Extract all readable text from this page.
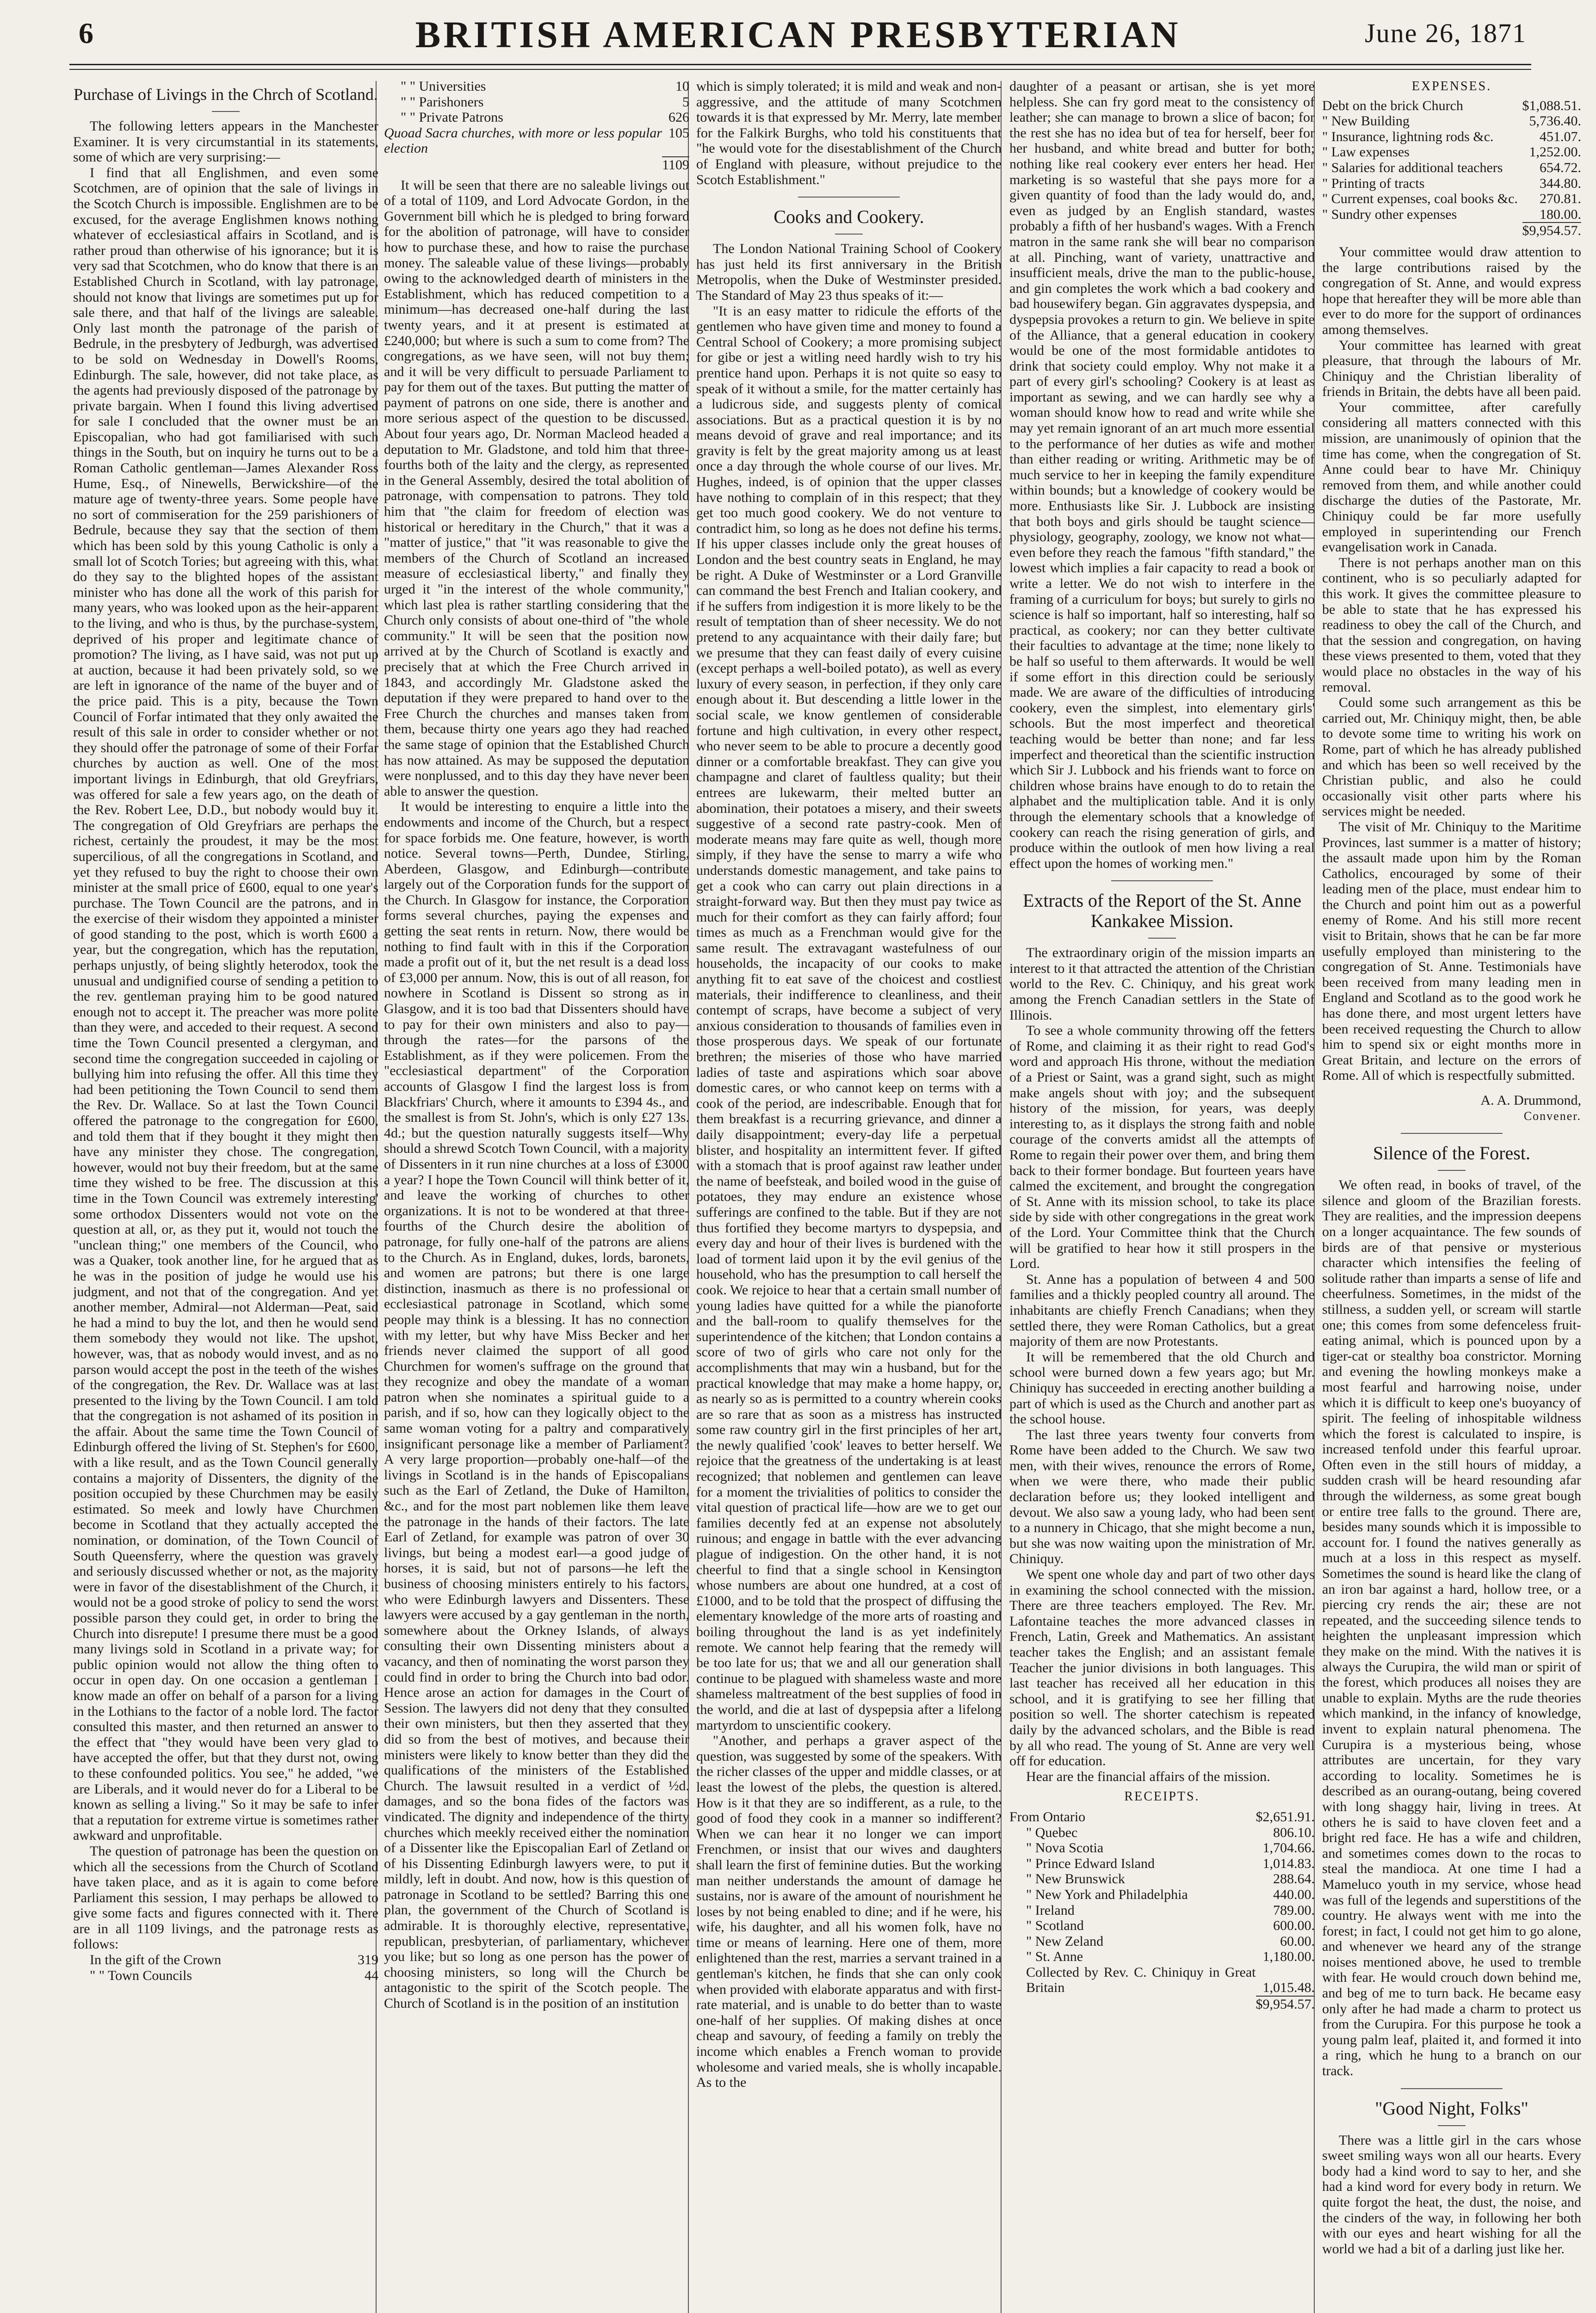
6	BRITISH AMERICAN PRESBYTERIAN	June 26, 1871
Purchase of Livings in the Chrch of Scotland.

The following letters appears in the Manchester Examiner. It is very circumstantial in its statements, some of which are very surprising:—

I find that all Englishmen, and even some Scotchmen, are of opinion that the sale of livings in the Scotch Church is impossible. Englishmen are to be excused, for the average Englishmen knows nothing whatever of ecclesiastical affairs in Scotland, and is rather proud than otherwise of his ignorance; but it is very sad that Scotchmen, who do know that there is an Established Church in Scotland, with lay patronage, should not know that livings are sometimes put up for sale there, and that half of the livings are saleable. Only last month the patronage of the parish of Bedrule, in the presbytery of Jedburgh, was advertised to be sold on Wednesday in Dowell's Rooms, Edinburgh. The sale, however, did not take place, as the agents had previously disposed of the patronage by private bargain. When I found this living advertised for sale I concluded that the owner must be an Episcopalian, who had got familiarised with such things in the South, but on inquiry he turns out to be a Roman Catholic gentleman—James Alexander Ross Hume, Esq., of Ninewells, Berwickshire—of the mature age of twenty-three years. Some people have no sort of commiseration for the 259 parishioners of Bedrule, because they say that the section of them which has been sold by this young Catholic is only a small lot of Scotch Tories; but agreeing with this, what do they say to the blighted hopes of the assistant minister who has done all the work of this parish for many years, who was looked upon as the heir-apparent to the living, and who is thus, by the purchase-system, deprived of his proper and legitimate chance of promotion? The living, as I have said, was not put up at auction, because it had been privately sold, so we are left in ignorance of the name of the buyer and of the price paid. This is a pity, because the Town Council of Forfar intimated that they only awaited the result of this sale in order to consider whether or not they should offer the patronage of some of their Forfar churches by auction as well. One of the most important livings in Edinburgh, that old Greyfriars, was offered for sale a few years ago, on the death of the Rev. Robert Lee, D.D., but nobody would buy it. The congregation of Old Greyfriars are perhaps the richest, certainly the proudest, it may be the most supercilious, of all the congregations in Scotland, and yet they refused to buy the right to choose their own minister at the small price of £600, equal to one year's purchase. The Town Council are the patrons, and in the exercise of their wisdom they appointed a minister of good standing to the post, which is worth £600 a year, but the congregation, which has the reputation, perhaps unjustly, of being slightly heterodox, took the unusual and undignified course of sending a petition to the rev. gentleman praying him to be good natured enough not to accept it. The preacher was more polite than they were, and acceded to their request. A second time the Town Council presented a clergyman, and second time the congregation succeeded in cajoling or bullying him into refusing the offer. All this time they had been petitioning the Town Council to send them the Rev. Dr. Wallace. So at last the Town Council offered the patronage to the congregation for £600, and told them that if they bought it they might then have any minister they chose. The congregation, however, would not buy their freedom, but at the same time they wished to be free. The discussion at this time in the Town Council was extremely interesting' some orthodox Dissenters would not vote on the question at all, or, as they put it, would not touch the "unclean thing;" one members of the Council, who was a Quaker, took another line, for he argued that as he was in the position of judge he would use his judgment, and not that of the congregation. And yet another member, Admiral—not Alderman—Peat, said he had a mind to buy the lot, and then he would send them somebody they would not like. The upshot, however, was, that as nobody would invest, and as no parson would accept the post in the teeth of the wishes of the congregation, the Rev. Dr. Wallace was at last presented to the living by the Town Council. I am told that the congregation is not ashamed of its position in the affair. About the same time the Town Council of Edinburgh offered the living of St. Stephen's for £600, with a like result, and as the Town Council generally contains a majority of Dissenters, the dignity of the position occupied by these Churchmen may be easily estimated. So meek and lowly have Churchmen become in Scotland that they actually accepted the nomination, or domination, of the Town Council of South Queensferry, where the question was gravely and seriously discussed whether or not, as the majority were in favor of the disestablishment of the Church, it would not be a good stroke of policy to send the worst possible parson they could get, in order to bring the Church into disrepute! I presume there must be a good many livings sold in Scotland in a private way; for public opinion would not allow the thing often to occur in open day. On one occasion a gentleman I know made an offer on behalf of a parson for a living in the Lothians to the factor of a noble lord. The factor consulted this master, and then returned an answer to the effect that "they would have been very glad to have accepted the offer, but that they durst not, owing to these confounded politics. You see," he added, "we are Liberals, and it would never do for a Liberal to be known as selling a living." So it may be safe to infer that a reputation for extreme virtue is sometimes rather awkward and unprofitable.

The question of patronage has been the question on which all the secessions from the Church of Scotland have taken place, and as it is again to come before Parliament this session, I may perhaps be allowed to give some facts and figures connected with it. There are in all 1109 livings, and the patronage rests as follows:

In the gift of the Crown	319
" " Town Councils	44
" " Universities	10
" " Parishoners	5
" " Private Patrons	626
Quoad Sacra churches, with more or less popular election	105
	1109

It will be seen that there are no saleable livings out of a total of 1109, and Lord Advocate Gordon, in the Government bill which he is pledged to bring forward for the abolition of patronage, will have to consider how to purchase these, and how to raise the purchase money. The saleable value of these livings—probably owing to the acknowledged dearth of ministers in the Establishment, which has reduced competition to a minimum—has decreased one-half during the last twenty years, and it at present is estimated at £240,000; but where is such a sum to come from? The congregations, as we have seen, will not buy them; and it will be very difficult to persuade Parliament to pay for them out of the taxes. But putting the matter of payment of patrons on one side, there is another and more serious aspect of the question to be discussed. About four years ago, Dr. Norman Macleod headed a deputation to Mr. Gladstone, and told him that three-fourths both of the laity and the clergy, as represented in the General Assembly, desired the total abolition of patronage, with compensation to patrons. They told him that "the claim for freedom of election was historical or hereditary in the Church," that it was a "matter of justice," that "it was reasonable to give the members of the Church of Scotland an increased measure of ecclesiastical liberty," and finally they urged it "in the interest of the whole community," which last plea is rather startling considering that the Church only consists of about one-third of "the whole community." It will be seen that the position now arrived at by the Church of Scotland is exactly and precisely that at which the Free Church arrived in 1843, and accordingly Mr. Gladstone asked the deputation if they were prepared to hand over to the Free Church the churches and manses taken from them, because thirty one years ago they had reached the same stage of opinion that the Established Church has now attained. As may be supposed the deputation were nonplussed, and to this day they have never been able to answer the question.

It would be interesting to enquire a little into the endowments and income of the Church, but a respect for space forbids me. One feature, however, is worth notice. Several towns—Perth, Dundee, Stirling, Aberdeen, Glasgow, and Edinburgh—contribute largely out of the Corporation funds for the support of the Church. In Glasgow for instance, the Corporation forms several churches, paying the expenses and getting the seat rents in return. Now, there would be nothing to find fault with in this if the Corporation made a profit out of it, but the net result is a dead loss of £3,000 per annum. Now, this is out of all reason, for nowhere in Scotland is Dissent so strong as in Glasgow, and it is too bad that Dissenters should have to pay for their own ministers and also to pay—through the rates—for the parsons of the Establishment, as if they were policemen. From the "ecclesiastical department" of the Corporation accounts of Glasgow I find the largest loss is from Blackfriars' Church, where it amounts to £394 4s., and the smallest is from St. John's, which is only £27 13s. 4d.; but the question naturally suggests itself—Why should a shrewd Scotch Town Council, with a majority of Dissenters in it run nine churches at a loss of £3000 a year? I hope the Town Council will think better of it, and leave the working of churches to other organizations. It is not to be wondered at that three-fourths of the Church desire the abolition of patronage, for fully one-half of the patrons are aliens to the Church. As in England, dukes, lords, baronets, and women are patrons; but there is one large distinction, inasmuch as there is no professional or ecclesiastical patronage in Scotland, which some people may think is a blessing. It has no connection with my letter, but why have Miss Becker and her friends never claimed the support of all good Churchmen for women's suffrage on the ground that they recognize and obey the mandate of a woman patron when she nominates a spiritual guide to a parish, and if so, how can they logically object to the same woman voting for a paltry and comparatively insignificant personage like a member of Parliament? A very large proportion—probably one-half—of the livings in Scotland is in the hands of Episcopalians such as the Earl of Zetland, the Duke of Hamilton, &c., and for the most part noblemen like them leave the patronage in the hands of their factors. The late Earl of Zetland, for example was patron of over 30 livings, but being a modest earl—a good judge of horses, it is said, but not of parsons—he left the business of choosing ministers entirely to his factors, who were Edinburgh lawyers and Dissenters. These lawyers were accused by a gay gentleman in the north, somewhere about the Orkney Islands, of always consulting their own Dissenting ministers about a vacancy, and then of nominating the worst parson they could find in order to bring the Church into bad odor. Hence arose an action for damages in the Court of Session. The lawyers did not deny that they consulted their own ministers, but then they asserted that they did so from the best of motives, and because their ministers were likely to know better than they did the qualifications of the ministers of the Established Church. The lawsuit resulted in a verdict of ½d. damages, and so the bona fides of the factors was vindicated. The dignity and independence of the thirty churches which meekly received either the nomination of a Dissenter like the Episcopalian Earl of Zetland or of his Dissenting Edinburgh lawyers were, to put it mildly, left in doubt. And now, how is this question of patronage in Scotland to be settled? Barring this one plan, the government of the Church of Scotland is admirable. It is thoroughly elective, representative, republican, presbyterian, of parliamentary, whichever you like; but so long as one person has the power of choosing ministers, so long will the Church be antagonistic to the spirit of the Scotch people. The Church of Scotland is in the position of an institution

which is simply tolerated; it is mild and weak and non-aggressive, and the attitude of many Scotchmen towards it is that expressed by Mr. Merry, late member for the Falkirk Burghs, who told his constituents that "he would vote for the disestablishment of the Church of England with pleasure, without prejudice to the Scotch Establishment."

Cooks and Cookery.

The London National Training School of Cookery has just held its first anniversary in the British Metropolis, when the Duke of Westminster presided. The Standard of May 23 thus speaks of it:—

"It is an easy matter to ridicule the efforts of the gentlemen who have given time and money to found a Central School of Cookery; a more promising subject for gibe or jest a witling need hardly wish to try his prentice hand upon. Perhaps it is not quite so easy to speak of it without a smile, for the matter certainly has a ludicrous side, and suggests plenty of comical associations. But as a practical question it is by no means devoid of grave and real importance; and its gravity is felt by the great majority among us at least once a day through the whole course of our lives. Mr. Hughes, indeed, is of opinion that the upper classes have nothing to complain of in this respect; that they get too much good cookery. We do not venture to contradict him, so long as he does not define his terms. If his upper classes include only the great houses of London and the best country seats in England, he may be right. A Duke of Westminster or a Lord Granville can command the best French and Italian cookery, and if he suffers from indigestion it is more likely to be the result of temptation than of sheer necessity. We do not pretend to any acquaintance with their daily fare; but we presume that they can feast daily of every cuisine (except perhaps a well-boiled potato), as well as every luxury of every season, in perfection, if they only care enough about it. But descending a little lower in the social scale, we know gentlemen of considerable fortune and high cultivation, in every other respect, who never seem to be able to procure a decently good dinner or a comfortable breakfast. They can give you champagne and claret of faultless quality; but their entrees are lukewarm, their melted butter an abomination, their potatoes a misery, and their sweets suggestive of a second rate pastry-cook. Men of moderate means may fare quite as well, though more simply, if they have the sense to marry a wife who understands domestic management, and take pains to get a cook who can carry out plain directions in a straight-forward way. But then they must pay twice as much for their comfort as they can fairly afford; four times as much as a Frenchman would give for the same result. The extravagant wastefulness of our households, the incapacity of our cooks to make anything fit to eat save of the choicest and costliest materials, their indifference to cleanliness, and their contempt of scraps, have become a subject of very anxious consideration to thousands of families even in those prosperous days. We speak of our fortunate brethren; the miseries of those who have married ladies of taste and aspirations which soar above domestic cares, or who cannot keep on terms with a cook of the period, are indescribable. Enough that for them breakfast is a recurring grievance, and dinner a daily disappointment; every-day life a perpetual blister, and hospitality an intermittent fever. If gifted with a stomach that is proof against raw leather under the name of beefsteak, and boiled wood in the guise of potatoes, they may endure an existence whose sufferings are confined to the table. But if they are not thus fortified they become martyrs to dyspepsia, and every day and hour of their lives is burdened with the load of torment laid upon it by the evil genius of the household, who has the presumption to call herself the cook. We rejoice to hear that a certain small number of young ladies have quitted for a while the pianoforte and the ball-room to qualify themselves for the superintendence of the kitchen; that London contains a score of two of girls who care not only for the accomplishments that may win a husband, but for the practical knowledge that may make a home happy, or, as nearly so as is permitted to a country wherein cooks are so rare that as soon as a mistress has instructed some raw country girl in the first principles of her art, the newly qualified 'cook' leaves to better herself. We rejoice that the greatness of the undertaking is at least recognized; that noblemen and gentlemen can leave for a moment the trivialities of politics to consider the vital question of practical life—how are we to get our families decently fed at an expense not absolutely ruinous; and engage in battle with the ever advancing plague of indigestion. On the other hand, it is not cheerful to find that a single school in Kensington whose numbers are about one hundred, at a cost of £1000, and to be told that the prospect of diffusing the elementary knowledge of the more arts of roasting and boiling throughout the land is as yet indefinitely remote. We cannot help fearing that the remedy will be too late for us; that we and all our generation shall continue to be plagued with shameless waste and more shameless maltreatment of the best supplies of food in the world, and die at last of dyspepsia after a lifelong martyrdom to unscientific cookery.

"Another, and perhaps a graver aspect of the question, was suggested by some of the speakers. With the richer classes of the upper and middle classes, or at least the lowest of the plebs, the question is altered. How is it that they are so indifferent, as a rule, to the good of food they cook in a manner so indifferent? When we can hear it no longer we can import Frenchmen, or insist that our wives and daughters shall learn the first of feminine duties. But the working man neither understands the amount of damage he sustains, nor is aware of the amount of nourishment he loses by not being enabled to dine; and if he were, his wife, his daughter, and all his women folk, have no time or means of learning. Here one of them, more enlightened than the rest, marries a servant trained in a gentleman's kitchen, he finds that she can only cook when provided with elaborate apparatus and with first-rate material, and is unable to do better than to waste one-half of her supplies. Of making dishes at once cheap and savoury, of feeding a family on trebly the income which enables a French woman to provide wholesome and varied meals, she is wholly incapable. As to the

daughter of a peasant or artisan, she is yet more helpless. She can fry gord meat to the consistency of leather; she can manage to brown a slice of bacon; for the rest she has no idea but of tea for herself, beer for her husband, and white bread and butter for both; nothing like real cookery ever enters her head. Her marketing is so wasteful that she pays more for a given quantity of food than the lady would do, and, even as judged by an English standard, wastes probably a fifth of her husband's wages. With a French matron in the same rank she will bear no comparison at all. Pinching, want of variety, unattractive and insufficient meals, drive the man to the public-house, and gin completes the work which a bad cookery and bad housewifery began. Gin aggravates dyspepsia, and dyspepsia provokes a return to gin. We believe in spite of the Alliance, that a general education in cookery would be one of the most formidable antidotes to drink that society could employ. Why not make it a part of every girl's schooling? Cookery is at least as important as sewing, and we can hardly see why a woman should know how to read and write while she may yet remain ignorant of an art much more essential to the performance of her duties as wife and mother than either reading or writing. Arithmetic may be of much service to her in keeping the family expenditure within bounds; but a knowledge of cookery would be more. Enthusiasts like Sir. J. Lubbock are insisting that both boys and girls should be taught science—physiology, geography, zoology, we know not what—even before they reach the famous "fifth standard," the lowest which implies a fair capacity to read a book or write a letter. We do not wish to interfere in the framing of a curriculum for boys; but surely to girls no science is half so important, half so interesting, half so practical, as cookery; nor can they better cultivate their faculties to advantage at the time; none likely to be half so useful to them afterwards. It would be well if some effort in this direction could be seriously made. We are aware of the difficulties of introducing cookery, even the simplest, into elementary girls' schools. But the most imperfect and theoretical teaching would be better than none; and far less imperfect and theoretical than the scientific instruction which Sir J. Lubbock and his friends want to force on children whose brains have enough to do to retain the alphabet and the multiplication table. And it is only through the elementary schools that a knowledge of cookery can reach the rising generation of girls, and produce within the outlook of men how living a real effect upon the homes of working men."

Extracts of the Report of the St. Anne Kankakee Mission.

The extraordinary origin of the mission imparts an interest to it that attracted the attention of the Christian world to the Rev. C. Chiniquy, and his great work among the French Canadian settlers in the State of Illinois.

To see a whole community throwing off the fetters of Rome, and claiming it as their right to read God's word and approach His throne, without the mediation of a Priest or Saint, was a grand sight, such as might make angels shout with joy; and the subsequent history of the mission, for years, was deeply interesting to, as it displays the strong faith and noble courage of the converts amidst all the attempts of Rome to regain their power over them, and bring them back to their former bondage. But fourteen years have calmed the excitement, and brought the congregation of St. Anne with its mission school, to take its place side by side with other congregations in the great work of the Lord. Your Committee think that the Church will be gratified to hear how it still prospers in the Lord.

St. Anne has a population of between 4 and 500 families and a thickly peopled country all around. The inhabitants are chiefly French Canadians; when they settled there, they were Roman Catholics, but a great majority of them are now Protestants.

It will be remembered that the old Church and school were burned down a few years ago; but Mr. Chiniquy has succeeded in erecting another building a part of which is used as the Church and another part as the school house.

The last three years twenty four converts from Rome have been added to the Church. We saw two men, with their wives, renounce the errors of Rome, when we were there, who made their public declaration before us; they looked intelligent and devout. We also saw a young lady, who had been sent to a nunnery in Chicago, that she might become a nun, but she was now waiting upon the ministration of Mr. Chiniquy.

We spent one whole day and part of two other days in examining the school connected with the mission. There are three teachers employed. The Rev. Mr. Lafontaine teaches the more advanced classes in French, Latin, Greek and Mathematics. An assistant teacher takes the English; and an assistant female Teacher the junior divisions in both languages. This last teacher has received all her education in this school, and it is gratifying to see her filling that position so well. The shorter catechism is repeated daily by the advanced scholars, and the Bible is read by all who read. The young of St. Anne are very well off for education.

Hear are the financial affairs of the mission.

RECEIPTS.
From Ontario	$2,651.91.
" Quebec	806.10.
" Nova Scotia	1,704.66.
" Prince Edward Island	1,014.83.
" New Brunswick	288.64.
" New York and Philadelphia	440.00.
" Ireland	789.00.
" Scotland	600.00.
" New Zeland	60.00.
" St. Anne	1,180.00.
Collected by Rev. C. Chiniquy in Great Britain	1,015.48.
	$9,954.57.
EXPENSES.
Debt on the brick Church	$1,088.51.
" New Building	5,736.40.
" Insurance, lightning rods &c.	451.07.
" Law expenses	1,252.00.
" Salaries for additional teachers	654.72.
" Printing of tracts	344.80.
" Current expenses, coal books &c.	270.81.
" Sundry other expenses	180.00.
	$9,954.57.

Your committee would draw attention to the large contributions raised by the congregation of St. Anne, and would express hope that hereafter they will be more able than ever to do more for the support of ordinances among themselves.

Your committee has learned with great pleasure, that through the labours of Mr. Chiniquy and the Christian liberality of friends in Britain, the debts have all been paid.

Your committee, after carefully considering all matters connected with this mission, are unanimously of opinion that the time has come, when the congregation of St. Anne could bear to have Mr. Chiniquy removed from them, and while another could discharge the duties of the Pastorate, Mr. Chiniquy could be far more usefully employed in superintending our French evangelisation work in Canada.

There is not perhaps another man on this continent, who is so peculiarly adapted for this work. It gives the committee pleasure to be able to state that he has expressed his readiness to obey the call of the Church, and that the session and congregation, on having these views presented to them, voted that they would place no obstacles in the way of his removal.

Could some such arrangement as this be carried out, Mr. Chiniquy might, then, be able to devote some time to writing his work on Rome, part of which he has already published and which has been so well received by the Christian public, and also he could occasionally visit other parts where his services might be needed.

The visit of Mr. Chiniquy to the Maritime Provinces, last summer is a matter of history; the assault made upon him by the Roman Catholics, encouraged by some of their leading men of the place, must endear him to the Church and point him out as a powerful enemy of Rome. And his still more recent visit to Britain, shows that he can be far more usefully employed than ministering to the congregation of St. Anne. Testimonials have been received from many leading men in England and Scotland as to the good work he has done there, and most urgent letters have been received requesting the Church to allow him to spend six or eight months more in Great Britain, and lecture on the errors of Rome. All of which is respectfully submitted.

A. A. Drummond,
Convener.
Silence of the Forest.

We often read, in books of travel, of the silence and gloom of the Brazilian forests. They are realities, and the impression deepens on a longer acquaintance. The few sounds of birds are of that pensive or mysterious character which intensifies the feeling of solitude rather than imparts a sense of life and cheerfulness. Sometimes, in the midst of the stillness, a sudden yell, or scream will startle one; this comes from some defenceless fruit-eating animal, which is pounced upon by a tiger-cat or stealthy boa constrictor. Morning and evening the howling monkeys make a most fearful and harrowing noise, under which it is difficult to keep one's buoyancy of spirit. The feeling of inhospitable wildness which the forest is calculated to inspire, is increased tenfold under this fearful uproar. Often even in the still hours of midday, a sudden crash will be heard resounding afar through the wilderness, as some great bough or entire tree falls to the ground. There are, besides many sounds which it is impossible to account for. I found the natives generally as much at a loss in this respect as myself. Sometimes the sound is heard like the clang of an iron bar against a hard, hollow tree, or a piercing cry rends the air; these are not repeated, and the succeeding silence tends to heighten the unpleasant impression which they make on the mind. With the natives it is always the Curupira, the wild man or spirit of the forest, which produces all noises they are unable to explain. Myths are the rude theories which mankind, in the infancy of knowledge, invent to explain natural phenomena. The Curupira is a mysterious being, whose attributes are uncertain, for they vary according to locality. Sometimes he is described as an ourang-outang, being covered with long shaggy hair, living in trees. At others he is said to have cloven feet and a bright red face. He has a wife and children, and sometimes comes down to the rocas to steal the mandioca. At one time I had a Mameluco youth in my service, whose head was full of the legends and superstitions of the country. He always went with me into the forest; in fact, I could not get him to go alone, and whenever we heard any of the strange noises mentioned above, he used to tremble with fear. He would crouch down behind me, and beg of me to turn back. He became easy only after he had made a charm to protect us from the Curupira. For this purpose he took a young palm leaf, plaited it, and formed it into a ring, which he hung to a branch on our track.

"Good Night, Folks"

There was a little girl in the cars whose sweet smiling ways won all our hearts. Every body had a kind word to say to her, and she had a kind word for every body in return. We quite forgot the heat, the dust, the noise, and the cinders of the way, in following her both with our eyes and heart wishing for all the world we had a bit of a darling just like her.
